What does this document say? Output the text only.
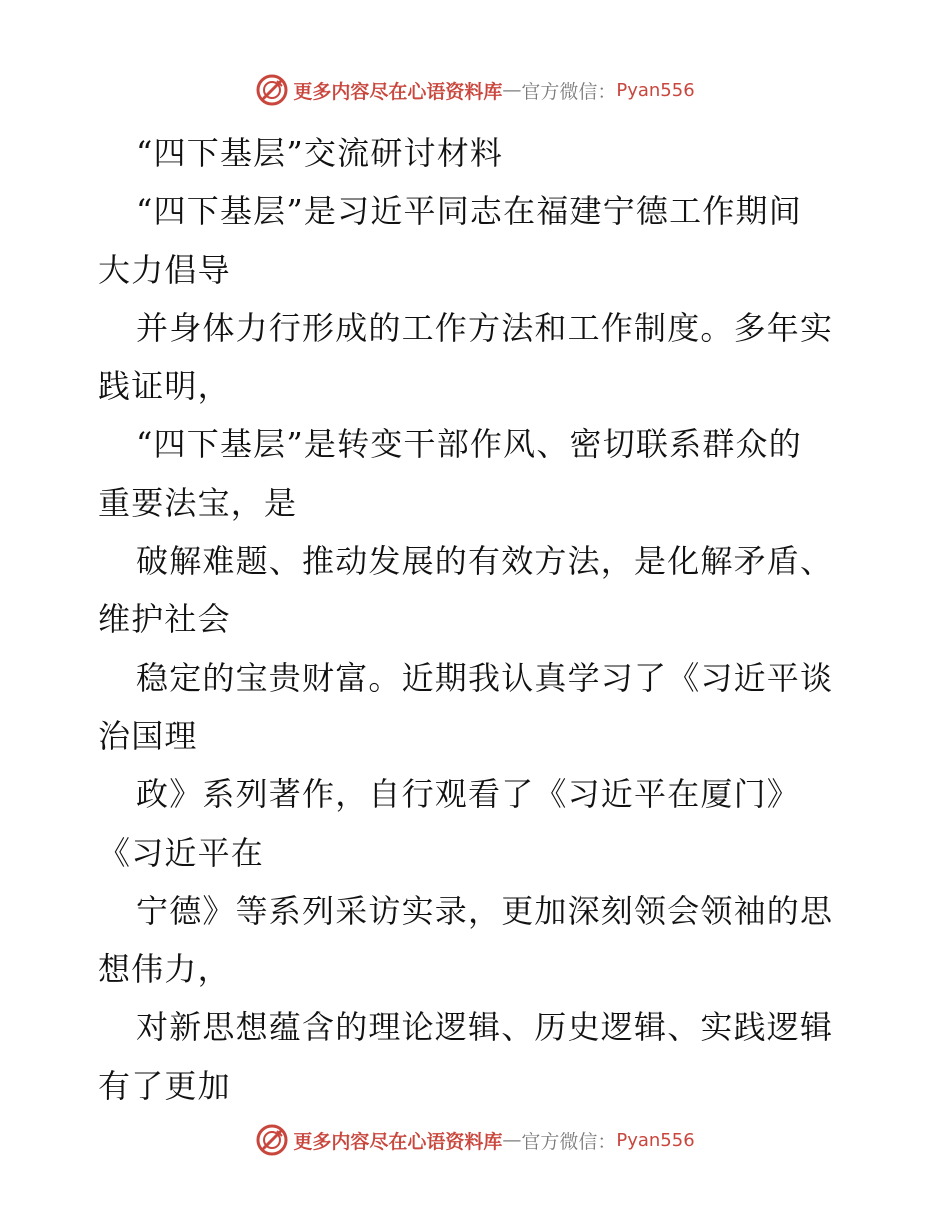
更多内容尽在心语资料库 — 官方微信： Pyan556
“四下基层”交流研讨材料
“四下基层”是习近平同志在福建宁德工作期间
大力倡导
并身体力行形成的工作方法和工作制度。多年实
践证明，
“四下基层”是转变干部作风、密切联系群众的
重要法宝，是
破解难题、推动发展的有效方法，是化解矛盾、
维护社会
稳定的宝贵财富。近期我认真学习了《习近平谈
治国理
政》系列著作，自行观看了《习近平在厦门》
《习近平在
宁德》等系列采访实录，更加深刻领会领袖的思
想伟力，
对新思想蕴含的理论逻辑、历史逻辑、实践逻辑
有了更加
更多内容尽在心语资料库 — 官方微信： Pyan556
